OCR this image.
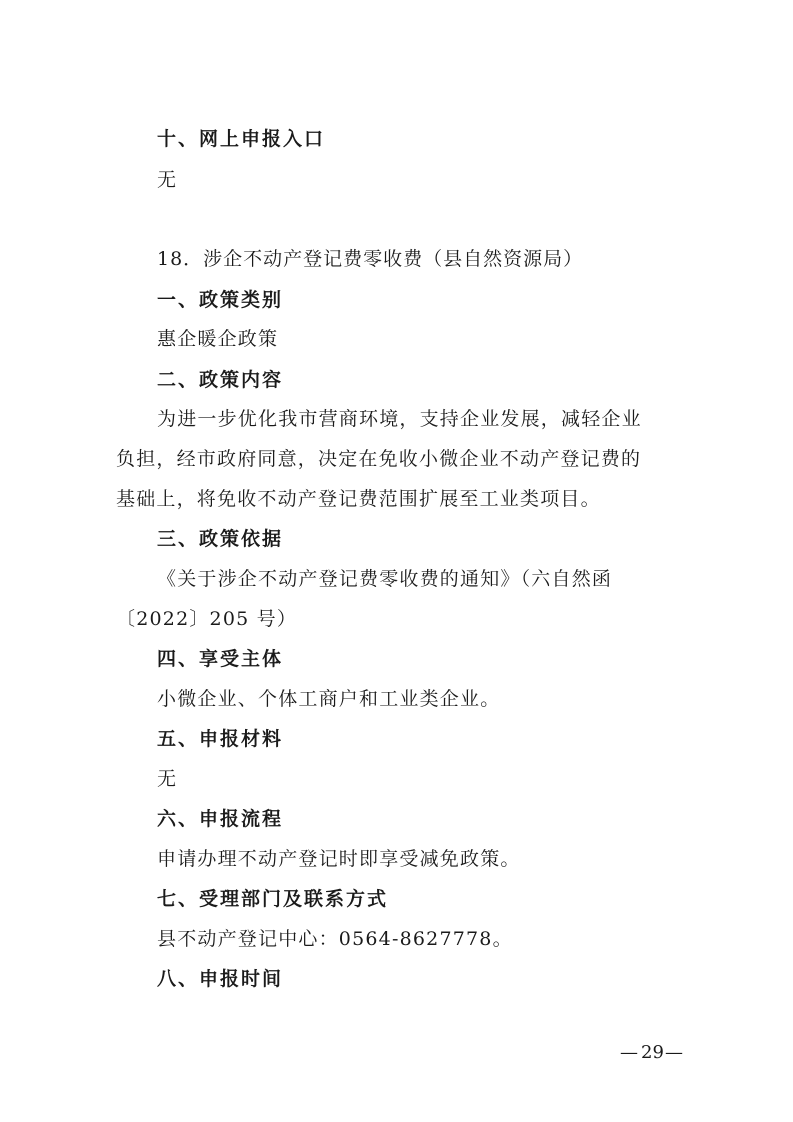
十、网上申报入口
无
18．涉企不动产登记费零收费（县自然资源局）
一、政策类别
惠企暖企政策
二、政策内容
为进一步优化我市营商环境，支持企业发展，减轻企业
负担，经市政府同意，决定在免收小微企业不动产登记费的
基础上，将免收不动产登记费范围扩展至工业类项目。
三、政策依据
《关于涉企不动产登记费零收费的通知》（六自然函
〔2022〕205 号）
四、享受主体
小微企业、个体工商户和工业类企业。
五、申报材料
无
六、申报流程
申请办理不动产登记时即享受减免政策。
七、受理部门及联系方式
县不动产登记中心：0564-8627778。
八、申报时间
— 29 —
